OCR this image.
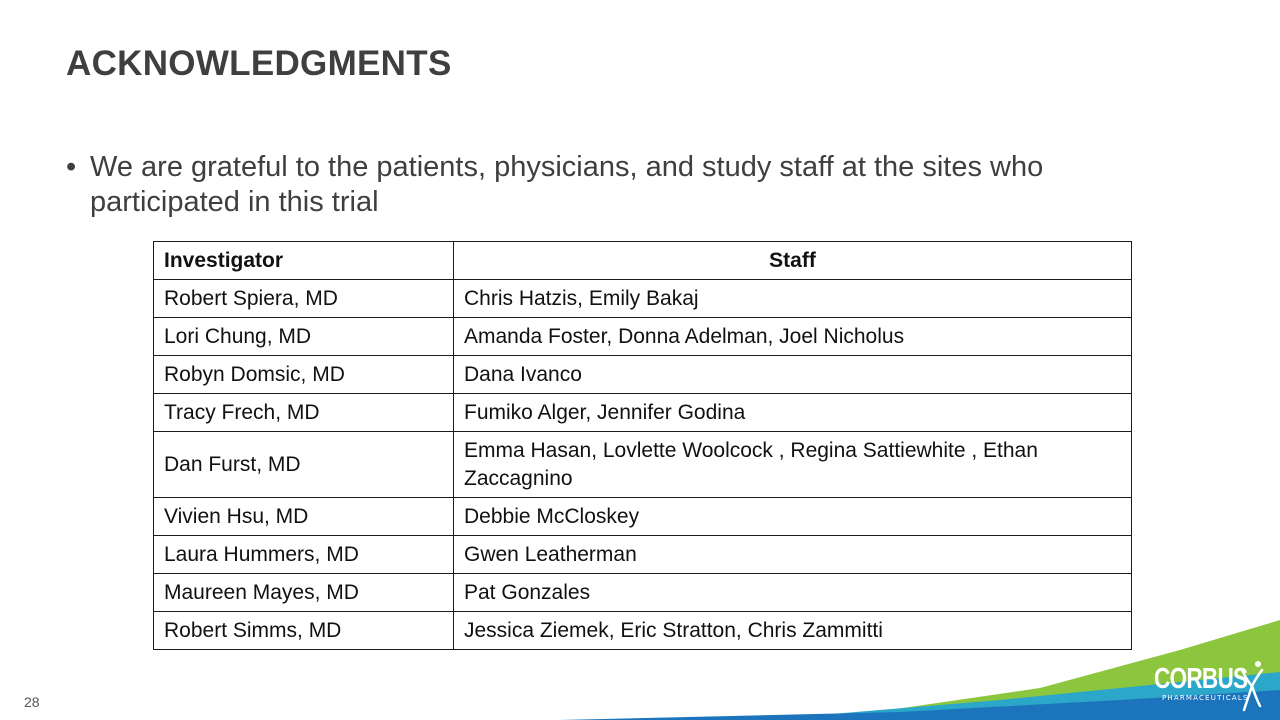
ACKNOWLEDGMENTS
• We are grateful to the patients, physicians, and study staff at the sites who participated in this trial
Investigator	Staff
Robert Spiera, MD	Chris Hatzis, Emily Bakaj
Lori Chung, MD	Amanda Foster, Donna Adelman, Joel Nicholus
Robyn Domsic, MD	Dana Ivanco
Tracy Frech, MD	Fumiko Alger, Jennifer Godina
Dan Furst, MD	Emma Hasan, Lovlette Woolcock , Regina Sattiewhite , Ethan Zaccagnino
Vivien Hsu, MD	Debbie McCloskey
Laura Hummers, MD	Gwen Leatherman
Maureen Mayes, MD	Pat Gonzales
Robert Simms, MD	Jessica Ziemek, Eric Stratton, Chris Zammitti
CORBUS
PHARMACEUTICALS
28
